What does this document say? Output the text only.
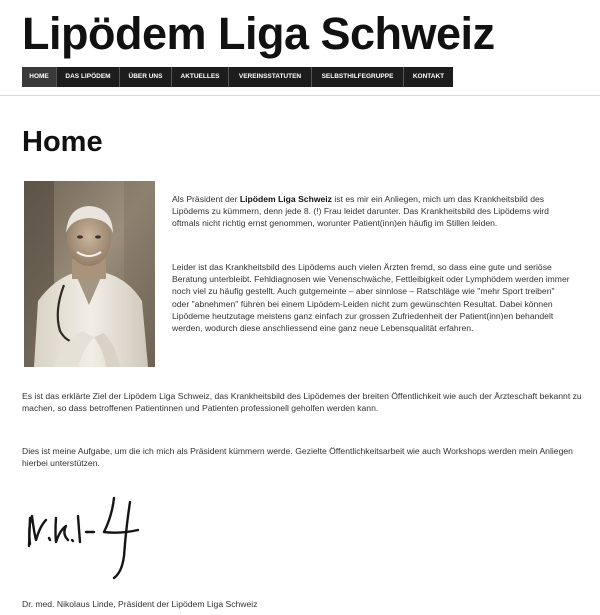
Lipödem Liga Schweiz
HOME	DAS LIPÖDEM	ÜBER UNS	AKTUELLES	VEREINSSTATUTEN	SELBSTHILFEGRUPPE	KONTAKT
Home

Als Präsident der Lipödem Liga Schweiz ist es mir ein Anliegen, mich um das Krankheitsbild des Lipödems zu kümmern, denn jede 8. (!) Frau leidet darunter. Das Krankheitsbild des Lipödems wird oftmals nicht richtig ernst genommen, worunter Patient(inn)en häufig im Stillen leiden.

Leider ist das Krankheitsbild des Lipödems auch vielen Ärzten fremd, so dass eine gute und seriöse Beratung unterbleibt. Fehldiagnosen wie Venenschwäche, Fettleibigkeit oder Lymphödem werden immer noch viel zu häufig gestellt. Auch gutgemeinte – aber sinnlose – Ratschläge wie "mehr Sport treiben" oder "abnehmen" führen bei einem Lipödem-Leiden nicht zum gewünschten Resultat. Dabei können Lipödeme heutzutage meistens ganz einfach zur grossen Zufriedenheit der Patient(inn)en behandelt werden, wodurch diese anschliessend eine ganz neue Lebensqualität erfahren.

Es ist das erklärte Ziel der Lipödem Liga Schweiz, das Krankheitsbild des Lipödemes der breiten Öffentlichkeit wie auch der Ärzteschaft bekannt zu machen, so dass betroffenen Patientinnen und Patienten professionell geholfen werden kann.

Dies ist meine Aufgabe, um die ich mich als Präsident kümmern werde. Gezielte Öffentlichkeitsarbeit wie auch Workshops werden mein Anliegen hierbei unterstützen.

Dr. med. Nikolaus Linde, Präsident der Lipödem Liga Schweiz
